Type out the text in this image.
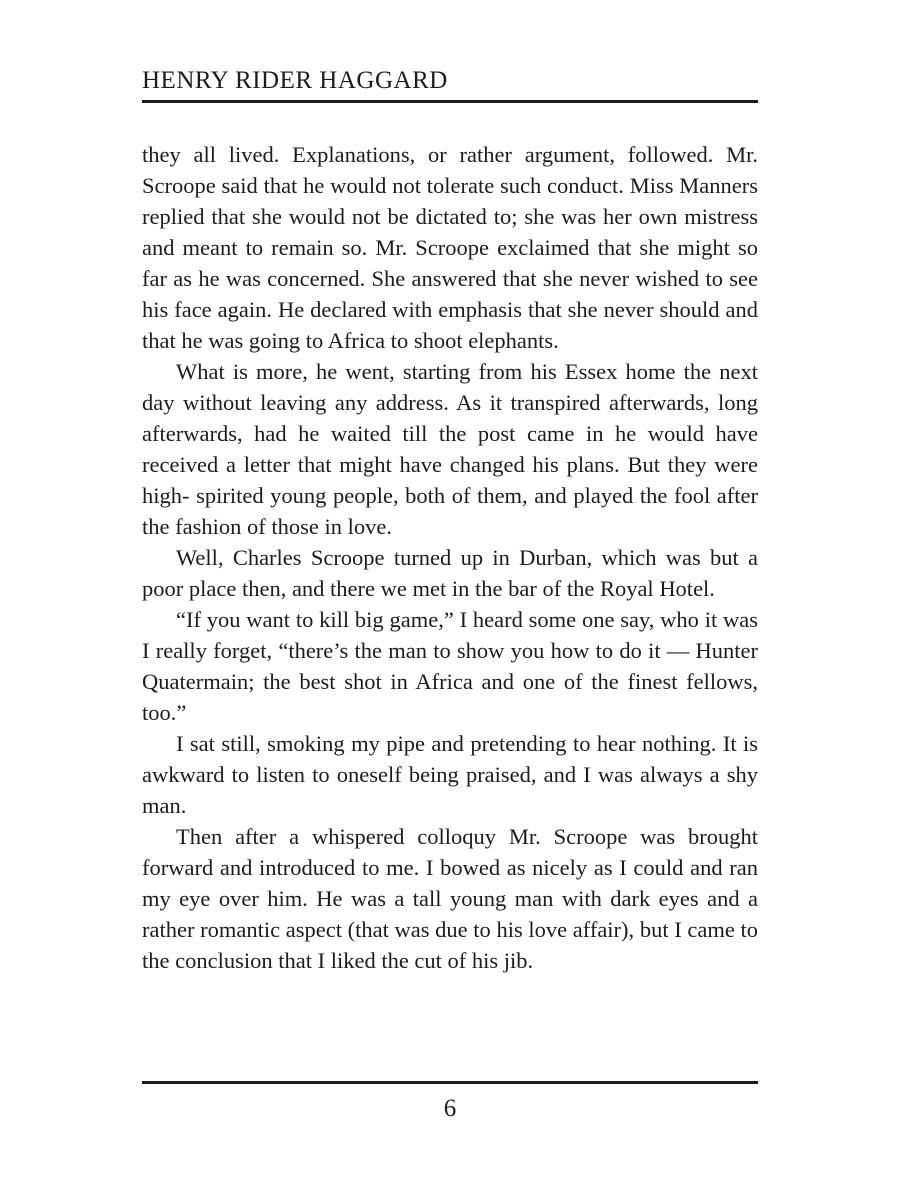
HENRY RIDER HAGGARD

they all lived. Explanations, or rather argument, followed. Mr. Scroope said that he would not tolerate such conduct. Miss Manners replied that she would not be dictated to; she was her own mistress and meant to remain so. Mr. Scroope exclaimed that she might so far as he was concerned. She answered that she never wished to see his face again. He declared with emphasis that she never should and that he was going to Africa to shoot elephants.

What is more, he went, starting from his Essex home the next day without leaving any address. As it transpired afterwards, long afterwards, had he waited till the post came in he would have received a letter that might have changed his plans. But they were high- spirited young people, both of them, and played the fool after the fashion of those in love.

Well, Charles Scroope turned up in Durban, which was but a poor place then, and there we met in the bar of the Royal Hotel.

“If you want to kill big game,” I heard some one say, who it was I really forget, “there’s the man to show you how to do it — Hunter Quatermain; the best shot in Africa and one of the finest fellows, too.”

I sat still, smoking my pipe and pretending to hear nothing. It is awkward to listen to oneself being praised, and I was always a shy man.

Then after a whispered colloquy Mr. Scroope was brought forward and introduced to me. I bowed as nicely as I could and ran my eye over him. He was a tall young man with dark eyes and a rather romantic aspect (that was due to his love affair), but I came to the conclusion that I liked the cut of his jib.

6
